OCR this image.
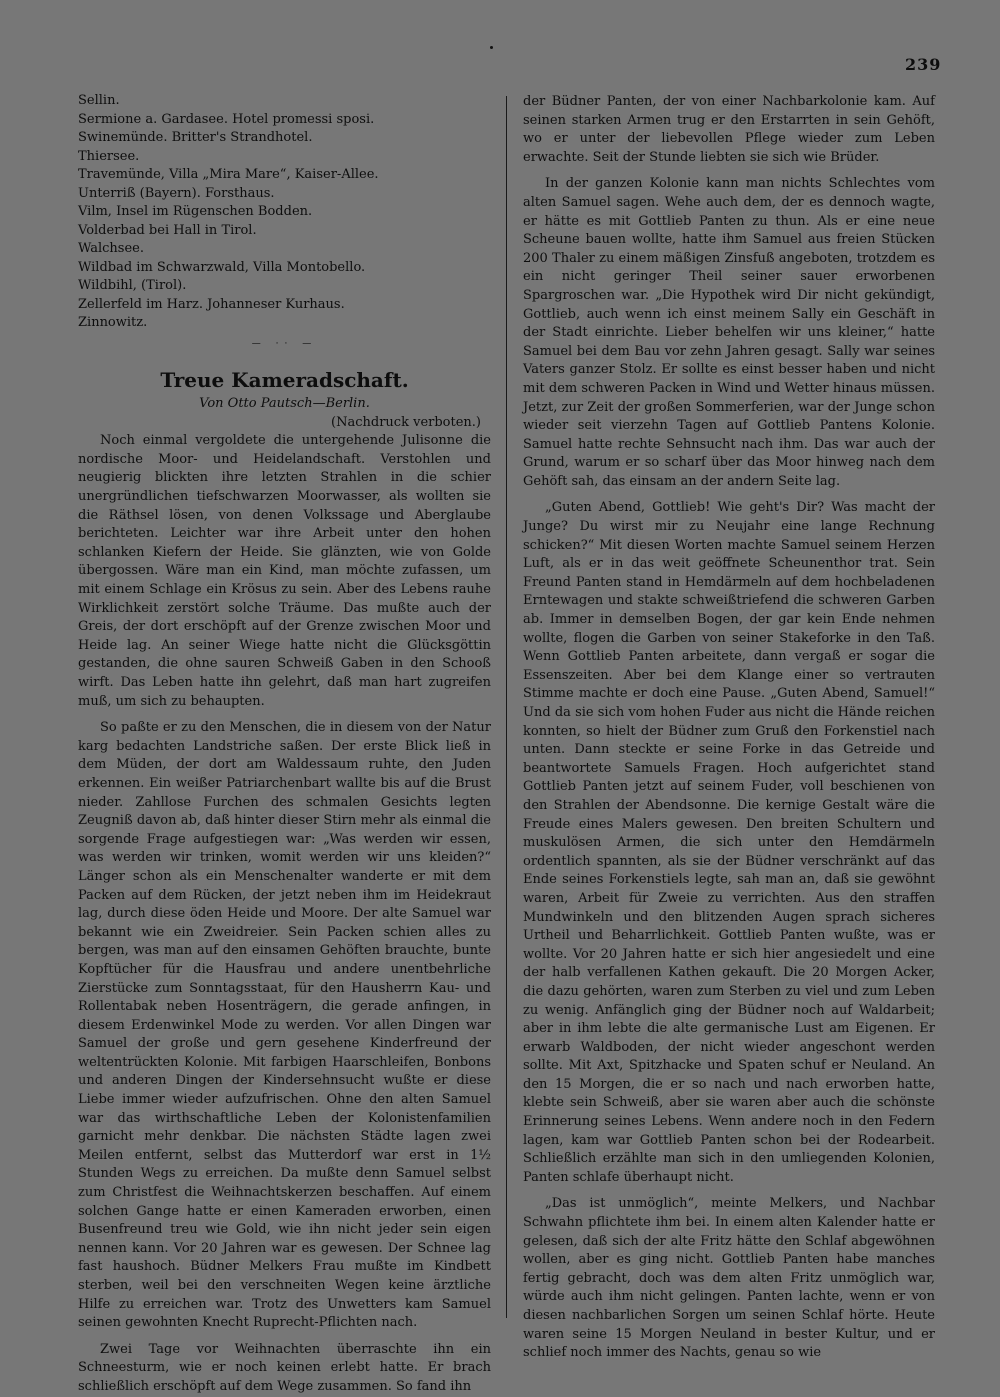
239

Sellin.

Sermione a. Gardasee. Hotel promessi sposi.

Swinemünde. Britter's Strandhotel.

Thiersee.

Travemünde, Villa „Mira Mare“, Kaiser-Allee.

Unterriß (Bayern). Forsthaus.

Vilm, Insel im Rügenschen Bodden.

Volderbad bei Hall in Tirol.

Walchsee.

Wildbad im Schwarzwald, Villa Montobello.

Wildbihl, (Tirol).

Zellerfeld im Harz. Johanneser Kurhaus.

Zinnowitz.

— ·· —
Treue Kameradschaft.

Von Otto Pautsch—Berlin.

(Nachdruck verboten.)

Noch einmal vergoldete die untergehende Julisonne die nordische Moor- und Heidelandschaft. Verstohlen und neugierig blickten ihre letzten Strahlen in die schier unergründlichen tiefschwarzen Moorwasser, als wollten sie die Räthsel lösen, von denen Volkssage und Aberglaube berichteten. Leichter war ihre Arbeit unter den hohen schlanken Kiefern der Heide. Sie glänzten, wie von Golde übergossen. Wäre man ein Kind, man möchte zufassen, um mit einem Schlage ein Krösus zu sein. Aber des Lebens rauhe Wirklichkeit zerstört solche Träume. Das mußte auch der Greis, der dort erschöpft auf der Grenze zwischen Moor und Heide lag. An seiner Wiege hatte nicht die Glücksgöttin gestanden, die ohne sauren Schweiß Gaben in den Schooß wirft. Das Leben hatte ihn gelehrt, daß man hart zugreifen muß, um sich zu behaupten.

So paßte er zu den Menschen, die in diesem von der Natur karg bedachten Landstriche saßen. Der erste Blick ließ in dem Müden, der dort am Waldessaum ruhte, den Juden erkennen. Ein weißer Patriarchenbart wallte bis auf die Brust nieder. Zahllose Furchen des schmalen Gesichts legten Zeugniß davon ab, daß hinter dieser Stirn mehr als einmal die sorgende Frage aufgestiegen war: „Was werden wir essen, was werden wir trinken, womit werden wir uns kleiden?“ Länger schon als ein Menschenalter wanderte er mit dem Packen auf dem Rücken, der jetzt neben ihm im Heidekraut lag, durch diese öden Heide und Moore. Der alte Samuel war bekannt wie ein Zweidreier. Sein Packen schien alles zu bergen, was man auf den einsamen Gehöften brauchte, bunte Kopftücher für die Hausfrau und andere unentbehrliche Zierstücke zum Sonntagsstaat, für den Hausherrn Kau- und Rollentabak neben Hosenträgern, die gerade anfingen, in diesem Erdenwinkel Mode zu werden. Vor allen Dingen war Samuel der große und gern gesehene Kinderfreund der weltentrückten Kolonie. Mit farbigen Haarschleifen, Bonbons und anderen Dingen der Kindersehnsucht wußte er diese Liebe immer wieder aufzufrischen. Ohne den alten Samuel war das wirthschaftliche Leben der Kolonistenfamilien garnicht mehr denkbar. Die nächsten Städte lagen zwei Meilen entfernt, selbst das Mutterdorf war erst in 1½ Stunden Wegs zu erreichen. Da mußte denn Samuel selbst zum Christfest die Weihnachtskerzen beschaffen. Auf einem solchen Gange hatte er einen Kameraden erworben, einen Busenfreund treu wie Gold, wie ihn nicht jeder sein eigen nennen kann. Vor 20 Jahren war es gewesen. Der Schnee lag fast haushoch. Büdner Melkers Frau mußte im Kindbett sterben, weil bei den verschneiten Wegen keine ärztliche Hilfe zu erreichen war. Trotz des Unwetters kam Samuel seinen gewohnten Knecht Ruprecht-Pflichten nach.

Zwei Tage vor Weihnachten überraschte ihn ein Schneesturm, wie er noch keinen erlebt hatte. Er brach schließlich erschöpft auf dem Wege zusammen. So fand ihn

der Büdner Panten, der von einer Nachbarkolonie kam. Auf seinen starken Armen trug er den Erstarrten in sein Gehöft, wo er unter der liebevollen Pflege wieder zum Leben erwachte. Seit der Stunde liebten sie sich wie Brüder.

In der ganzen Kolonie kann man nichts Schlechtes vom alten Samuel sagen. Wehe auch dem, der es dennoch wagte, er hätte es mit Gottlieb Panten zu thun. Als er eine neue Scheune bauen wollte, hatte ihm Samuel aus freien Stücken 200 Thaler zu einem mäßigen Zinsfuß angeboten, trotzdem es ein nicht geringer Theil seiner sauer erworbenen Spargroschen war. „Die Hypothek wird Dir nicht gekündigt, Gottlieb, auch wenn ich einst meinem Sally ein Geschäft in der Stadt einrichte. Lieber behelfen wir uns kleiner,“ hatte Samuel bei dem Bau vor zehn Jahren gesagt. Sally war seines Vaters ganzer Stolz. Er sollte es einst besser haben und nicht mit dem schweren Packen in Wind und Wetter hinaus müssen. Jetzt, zur Zeit der großen Sommerferien, war der Junge schon wieder seit vierzehn Tagen auf Gottlieb Pantens Kolonie. Samuel hatte rechte Sehnsucht nach ihm. Das war auch der Grund, warum er so scharf über das Moor hinweg nach dem Gehöft sah, das einsam an der andern Seite lag.

„Guten Abend, Gottlieb! Wie geht's Dir? Was macht der Junge? Du wirst mir zu Neujahr eine lange Rechnung schicken?“ Mit diesen Worten machte Samuel seinem Herzen Luft, als er in das weit geöffnete Scheunenthor trat. Sein Freund Panten stand in Hemdärmeln auf dem hochbeladenen Erntewagen und stakte schweißtriefend die schweren Garben ab. Immer in demselben Bogen, der gar kein Ende nehmen wollte, flogen die Garben von seiner Stakeforke in den Taß. Wenn Gottlieb Panten arbeitete, dann vergaß er sogar die Essenszeiten. Aber bei dem Klange einer so vertrauten Stimme machte er doch eine Pause. „Guten Abend, Samuel!“ Und da sie sich vom hohen Fuder aus nicht die Hände reichen konnten, so hielt der Büdner zum Gruß den Forkenstiel nach unten. Dann steckte er seine Forke in das Getreide und beantwortete Samuels Fragen. Hoch aufgerichtet stand Gottlieb Panten jetzt auf seinem Fuder, voll beschienen von den Strahlen der Abendsonne. Die kernige Gestalt wäre die Freude eines Malers gewesen. Den breiten Schultern und muskulösen Armen, die sich unter den Hemdärmeln ordentlich spannten, als sie der Büdner verschränkt auf das Ende seines Forkenstiels legte, sah man an, daß sie gewöhnt waren, Arbeit für Zweie zu verrichten. Aus den straffen Mundwinkeln und den blitzenden Augen sprach sicheres Urtheil und Beharrlichkeit. Gottlieb Panten wußte, was er wollte. Vor 20 Jahren hatte er sich hier angesiedelt und eine der halb verfallenen Kathen gekauft. Die 20 Morgen Acker, die dazu gehörten, waren zum Sterben zu viel und zum Leben zu wenig. Anfänglich ging der Büdner noch auf Waldarbeit; aber in ihm lebte die alte germanische Lust am Eigenen. Er erwarb Waldboden, der nicht wieder angeschont werden sollte. Mit Axt, Spitzhacke und Spaten schuf er Neuland. An den 15 Morgen, die er so nach und nach erworben hatte, klebte sein Schweiß, aber sie waren aber auch die schönste Erinnerung seines Lebens. Wenn andere noch in den Federn lagen, kam war Gottlieb Panten schon bei der Rodearbeit. Schließlich erzählte man sich in den umliegenden Kolonien, Panten schlafe überhaupt nicht.

„Das ist unmöglich“, meinte Melkers, und Nachbar Schwahn pflichtete ihm bei. In einem alten Kalender hatte er gelesen, daß sich der alte Fritz hätte den Schlaf abgewöhnen wollen, aber es ging nicht. Gottlieb Panten habe manches fertig gebracht, doch was dem alten Fritz unmöglich war, würde auch ihm nicht gelingen. Panten lachte, wenn er von diesen nachbarlichen Sorgen um seinen Schlaf hörte. Heute waren seine 15 Morgen Neuland in bester Kultur, und er schlief noch immer des Nachts, genau so wie
